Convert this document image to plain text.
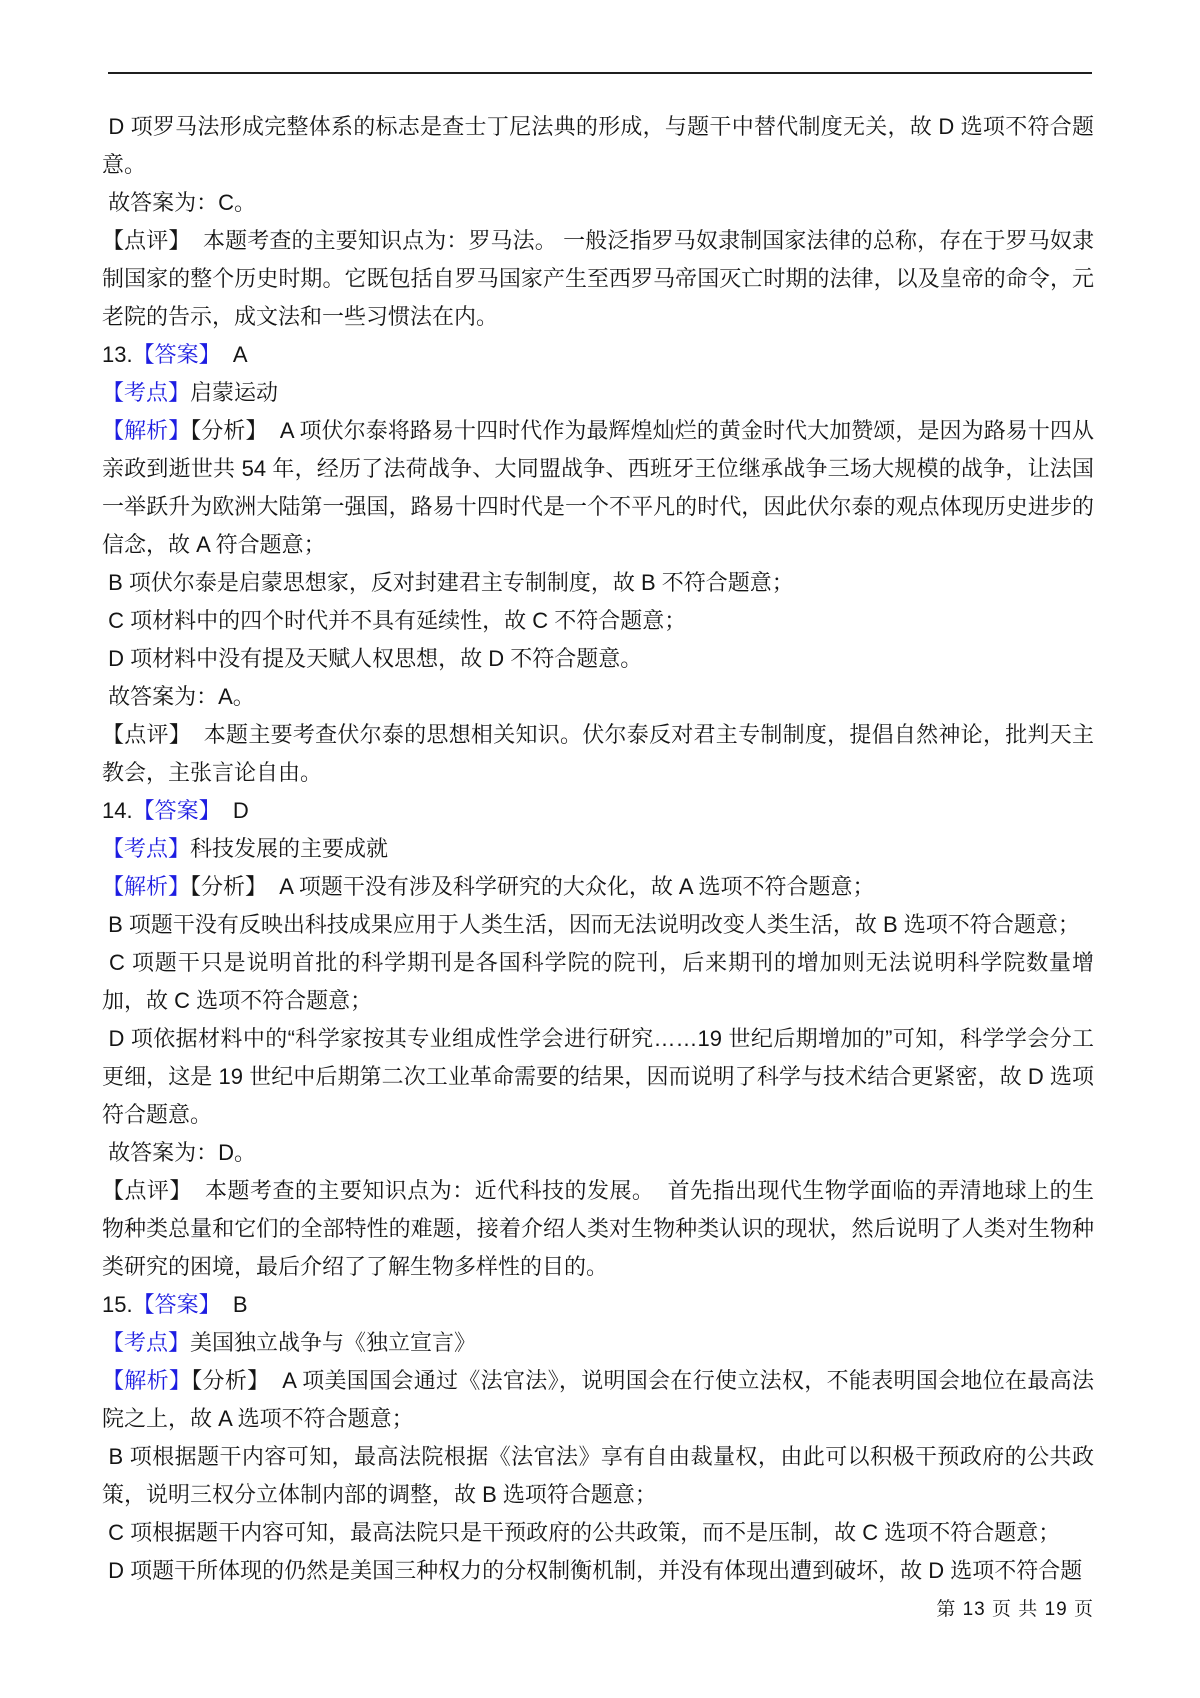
D 项罗马法形成完整体系的标志是查士丁尼法典的形成，与题干中替代制度无关，故 D 选项不符合题意。

故答案为：C。

【点评】  本题考查的主要知识点为：罗马法。 一般泛指罗马奴隶制国家法律的总称，存在于罗马奴隶制国家的整个历史时期。它既包括自罗马国家产生至西罗马帝国灭亡时期的法律，以及皇帝的命令，元老院的告示，成文法和一些习惯法在内。

13.【答案】  A

【考点】启蒙运动

【解析】【分析】  A 项伏尔泰将路易十四时代作为最辉煌灿烂的黄金时代大加赞颂，是因为路易十四从亲政到逝世共 54 年，经历了法荷战争、大同盟战争、西班牙王位继承战争三场大规模的战争，让法国一举跃升为欧洲大陆第一强国，路易十四时代是一个不平凡的时代，因此伏尔泰的观点体现历史进步的信念，故 A 符合题意；

B 项伏尔泰是启蒙思想家，反对封建君主专制制度，故 B 不符合题意；

C 项材料中的四个时代并不具有延续性，故 C 不符合题意；

D 项材料中没有提及天赋人权思想，故 D 不符合题意。

故答案为：A。

【点评】  本题主要考查伏尔泰的思想相关知识。伏尔泰反对君主专制制度，提倡自然神论，批判天主教会，主张言论自由。

14.【答案】  D

【考点】科技发展的主要成就

【解析】【分析】  A 项题干没有涉及科学研究的大众化，故 A 选项不符合题意；

B 项题干没有反映出科技成果应用于人类生活，因而无法说明改变人类生活，故 B 选项不符合题意；

C 项题干只是说明首批的科学期刊是各国科学院的院刊，后来期刊的增加则无法说明科学院数量增加，故 C 选项不符合题意；

D 项依据材料中的“科学家按其专业组成性学会进行研究……19 世纪后期增加的”可知，科学学会分工更细，这是 19 世纪中后期第二次工业革命需要的结果，因而说明了科学与技术结合更紧密，故 D 选项符合题意。

故答案为：D。

【点评】  本题考查的主要知识点为：近代科技的发展。  首先指出现代生物学面临的弄清地球上的生物种类总量和它们的全部特性的难题，接着介绍人类对生物种类认识的现状，然后说明了人类对生物种类研究的困境，最后介绍了了解生物多样性的目的。

15.【答案】  B

【考点】美国独立战争与《独立宣言》

【解析】【分析】  A 项美国国会通过《法官法》，说明国会在行使立法权，不能表明国会地位在最高法院之上，故 A 选项不符合题意；

B 项根据题干内容可知，最高法院根据《法官法》享有自由裁量权，由此可以积极干预政府的公共政策，说明三权分立体制内部的调整，故 B 选项符合题意；

C 项根据题干内容可知，最高法院只是干预政府的公共政策，而不是压制，故 C 选项不符合题意；

D 项题干所体现的仍然是美国三种权力的分权制衡机制，并没有体现出遭到破坏，故 D 选项不符合题

第 13 页 共 19 页
